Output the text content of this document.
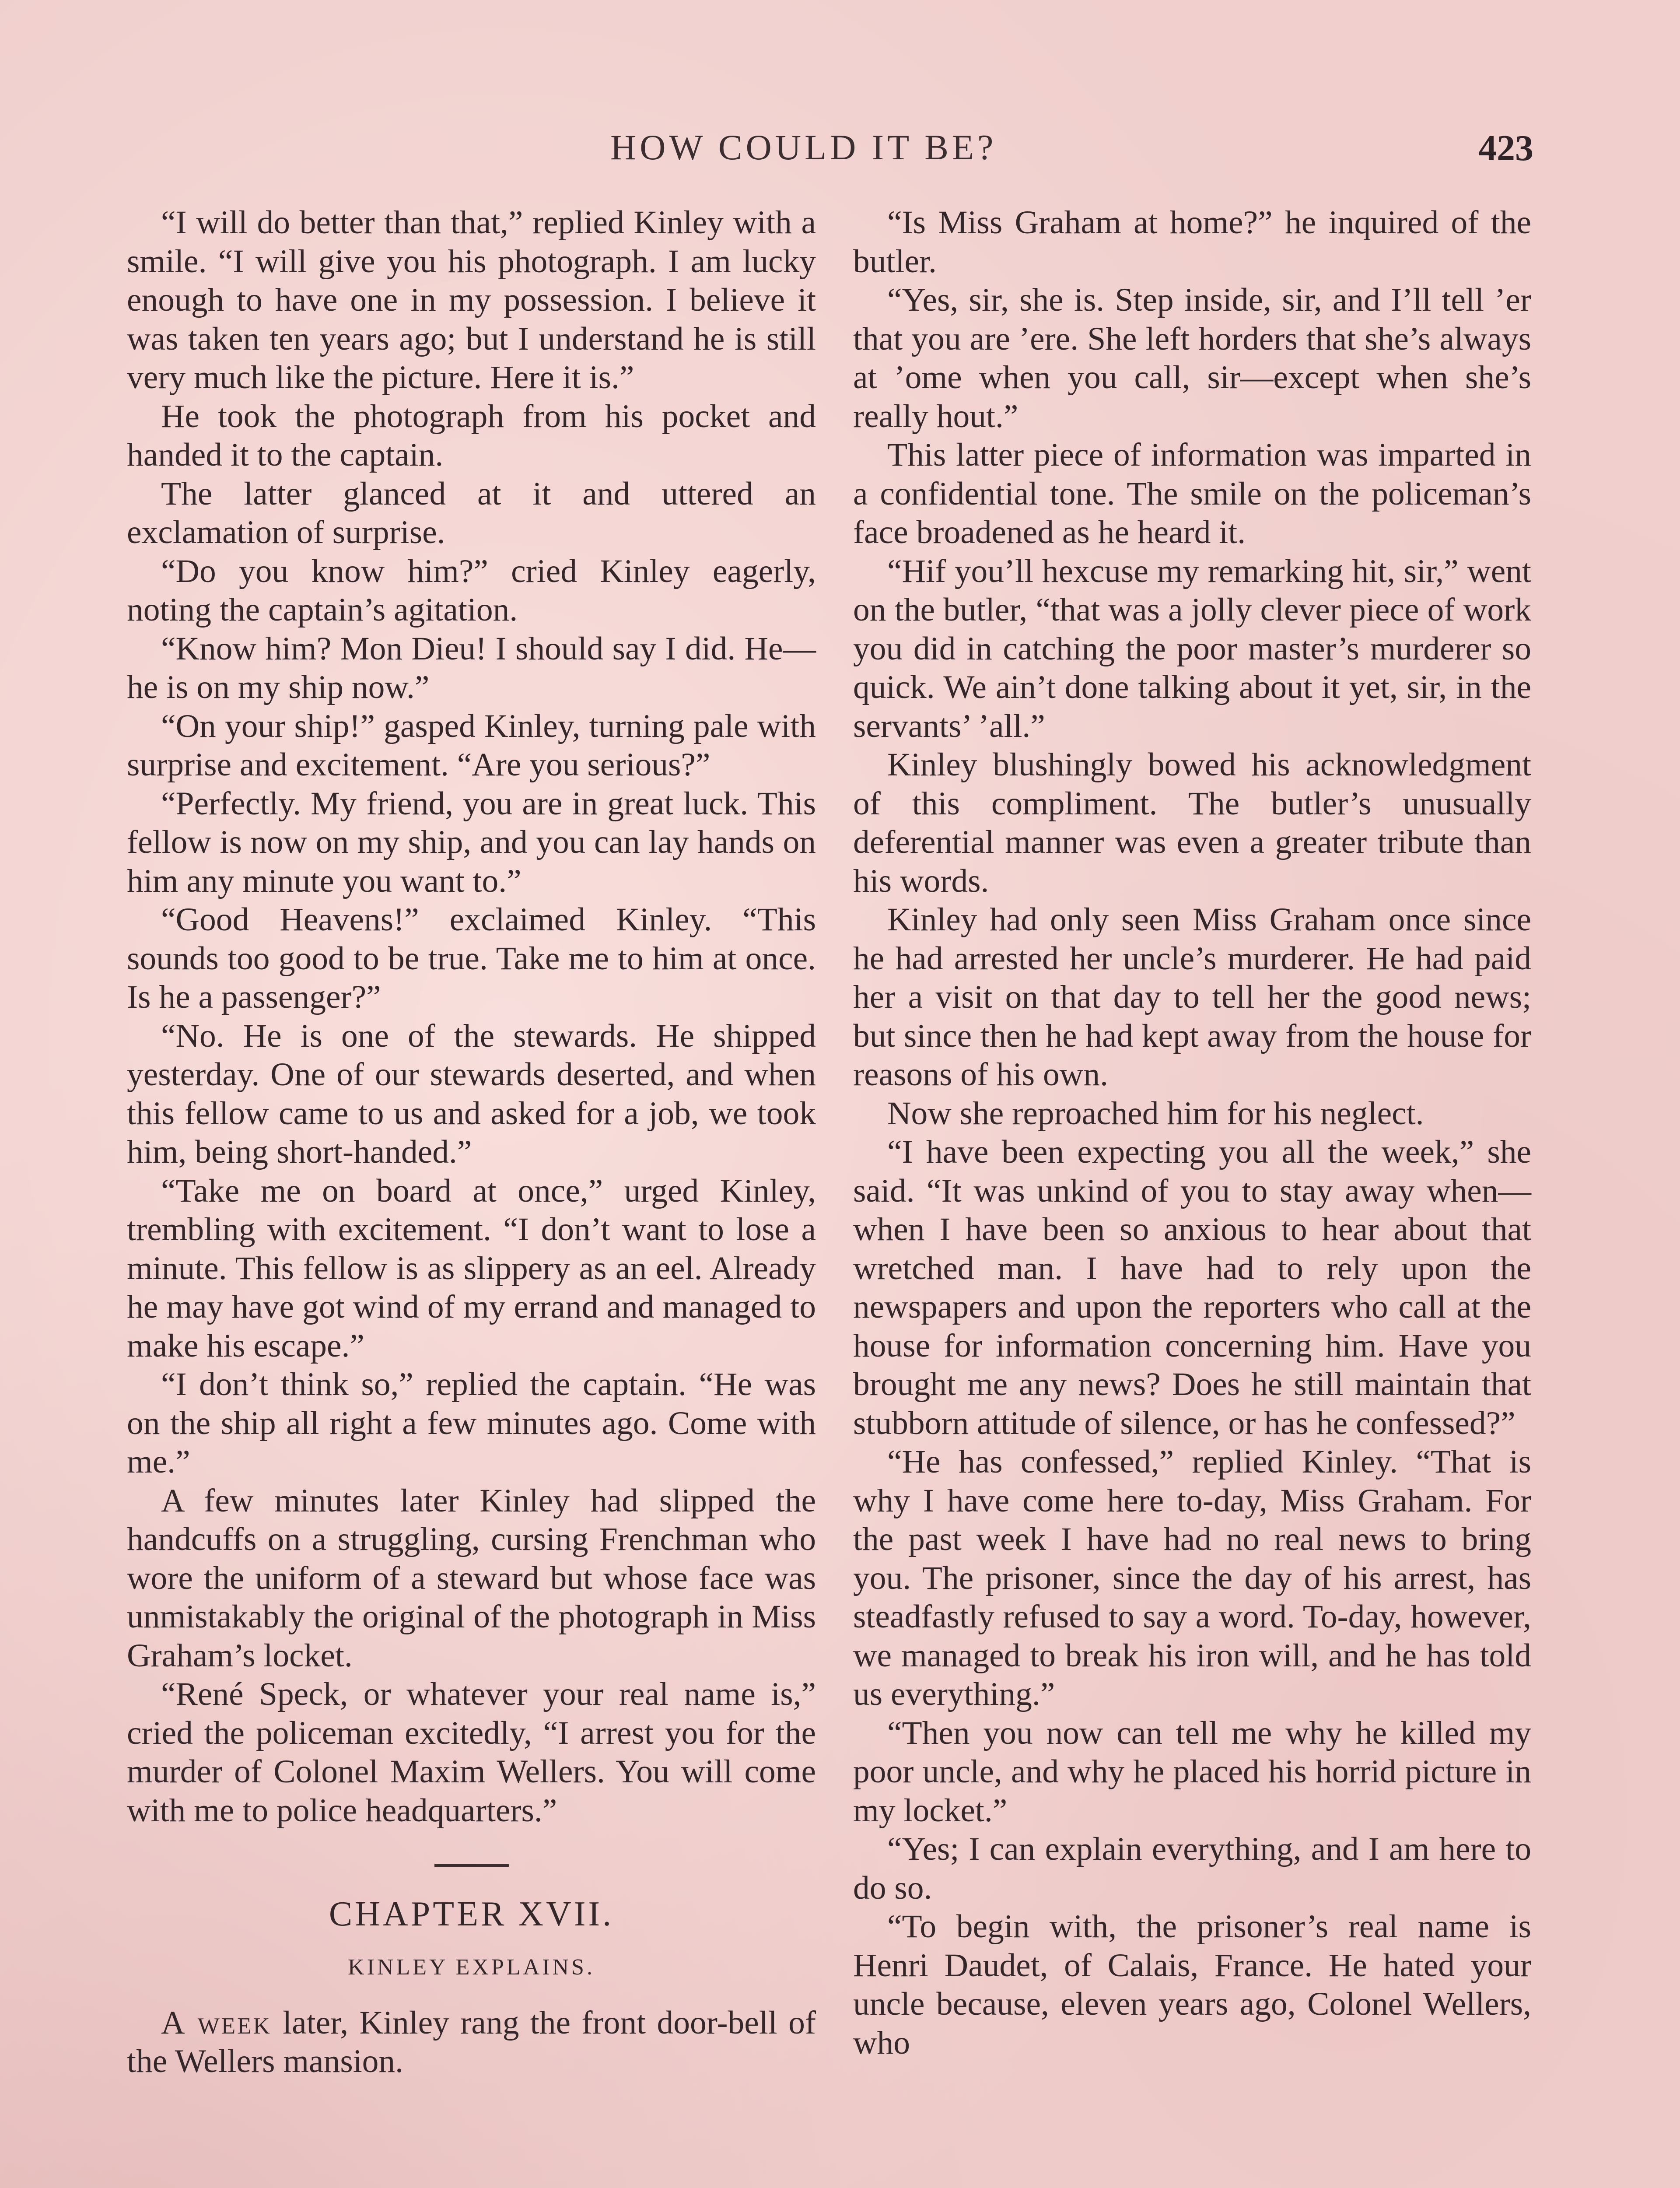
HOW COULD IT BE?	423

“I will do better than that,” replied Kinley with a smile. “I will give you his photograph. I am lucky enough to have one in my possession. I believe it was taken ten years ago; but I understand he is still very much like the picture. Here it is.”

He took the photograph from his pocket and handed it to the captain.

The latter glanced at it and uttered an exclamation of surprise.

“Do you know him?” cried Kinley eagerly, noting the captain’s agitation.

“Know him? Mon Dieu! I should say I did. He—he is on my ship now.”

“On your ship!” gasped Kinley, turning pale with surprise and excitement. “Are you serious?”

“Perfectly. My friend, you are in great luck. This fellow is now on my ship, and you can lay hands on him any minute you want to.”

“Good Heavens!” exclaimed Kinley. “This sounds too good to be true. Take me to him at once. Is he a passenger?”

“No. He is one of the stewards. He shipped yesterday. One of our stewards deserted, and when this fellow came to us and asked for a job, we took him, being short-handed.”

“Take me on board at once,” urged Kinley, trembling with excitement. “I don’t want to lose a minute. This fellow is as slippery as an eel. Already he may have got wind of my errand and managed to make his escape.”

“I don’t think so,” replied the captain. “He was on the ship all right a few minutes ago. Come with me.”

A few minutes later Kinley had slipped the handcuffs on a struggling, cursing Frenchman who wore the uniform of a steward but whose face was unmistakably the original of the photograph in Miss Graham’s locket.

“René Speck, or whatever your real name is,” cried the policeman excitedly, “I arrest you for the murder of Colonel Maxim Wellers. You will come with me to police headquarters.”

CHAPTER XVII.
KINLEY EXPLAINS.

A week later, Kinley rang the front door-bell of the Wellers mansion.

“Is Miss Graham at home?” he inquired of the butler.

“Yes, sir, she is. Step inside, sir, and I’ll tell ’er that you are ’ere. She left horders that she’s always at ’ome when you call, sir—except when she’s really hout.”

This latter piece of information was imparted in a confidential tone. The smile on the policeman’s face broadened as he heard it.

“Hif you’ll hexcuse my remarking hit, sir,” went on the butler, “that was a jolly clever piece of work you did in catching the poor master’s murderer so quick. We ain’t done talking about it yet, sir, in the servants’ ’all.”

Kinley blushingly bowed his acknowledgment of this compliment. The butler’s unusually deferential manner was even a greater tribute than his words.

Kinley had only seen Miss Graham once since he had arrested her uncle’s murderer. He had paid her a visit on that day to tell her the good news; but since then he had kept away from the house for reasons of his own.

Now she reproached him for his neglect.

“I have been expecting you all the week,” she said. “It was unkind of you to stay away when—when I have been so anxious to hear about that wretched man. I have had to rely upon the newspapers and upon the reporters who call at the house for information concerning him. Have you brought me any news? Does he still maintain that stubborn attitude of silence, or has he confessed?”

“He has confessed,” replied Kinley. “That is why I have come here to-day, Miss Graham. For the past week I have had no real news to bring you. The prisoner, since the day of his arrest, has steadfastly refused to say a word. To-day, however, we managed to break his iron will, and he has told us everything.”

“Then you now can tell me why he killed my poor uncle, and why he placed his horrid picture in my locket.”

“Yes; I can explain everything, and I am here to do so.

“To begin with, the prisoner’s real name is Henri Daudet, of Calais, France. He hated your uncle because, eleven years ago, Colonel Wellers, who
